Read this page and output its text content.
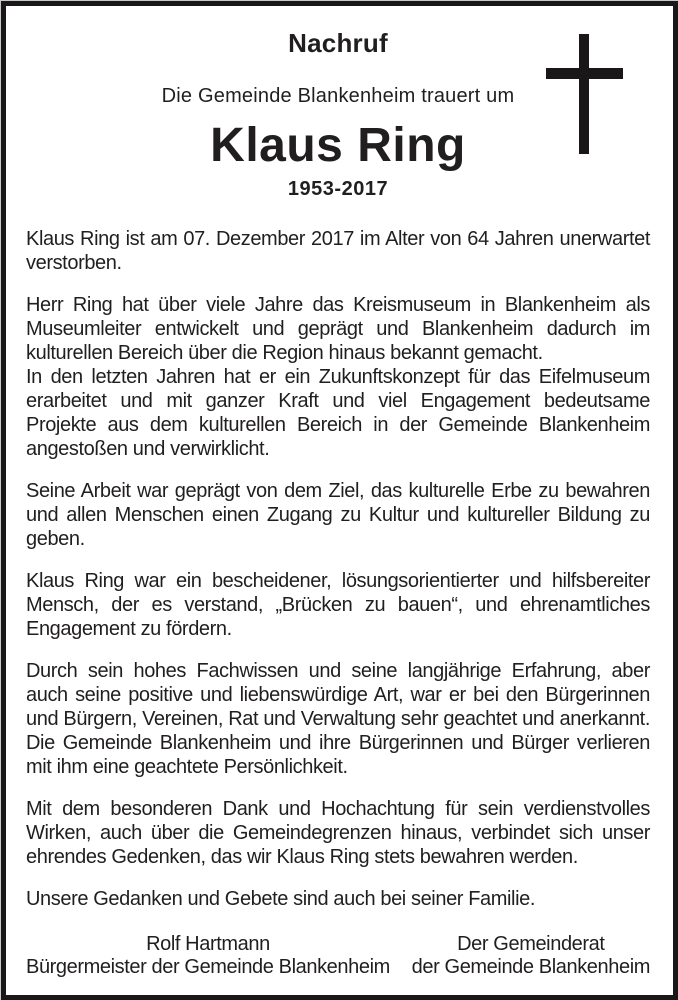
Nachruf
Die Gemeinde Blankenheim trauert um
Klaus Ring
1953-2017

Klaus Ring ist am 07. Dezember 2017 im Alter von 64 Jahren unerwartet verstorben.

Herr Ring hat über viele Jahre das Kreismuseum in Blankenheim als Museumleiter entwickelt und geprägt und Blankenheim dadurch im kulturellen Bereich über die Region hinaus bekannt gemacht.

In den letzten Jahren hat er ein Zukunftskonzept für das Eifelmuseum erarbeitet und mit ganzer Kraft und viel Engagement bedeutsame Projekte aus dem kulturellen Bereich in der Gemeinde Blankenheim angestoßen und verwirklicht.

Seine Arbeit war geprägt von dem Ziel, das kulturelle Erbe zu bewahren und allen Menschen einen Zugang zu Kultur und kultureller Bildung zu geben.

Klaus Ring war ein bescheidener, lösungsorientierter und hilfsbereiter Mensch, der es verstand, „Brücken zu bauen“, und ehrenamtliches Engagement zu fördern.

Durch sein hohes Fachwissen und seine langjährige Erfahrung, aber auch seine positive und liebenswürdige Art, war er bei den Bürgerinnen und Bürgern, Vereinen, Rat und Verwaltung sehr geachtet und anerkannt. Die Gemeinde Blankenheim und ihre Bürgerinnen und Bürger verlieren mit ihm eine geachtete Persönlichkeit.

Mit dem besonderen Dank und Hochachtung für sein verdienstvolles Wirken, auch über die Gemeindegrenzen hinaus, verbindet sich unser ehrendes Gedenken, das wir Klaus Ring stets bewahren werden.

Unsere Gedanken und Gebete sind auch bei seiner Familie.

Rolf Hartmann
Bürgermeister der Gemeinde Blankenheim
Der Gemeinderat
der Gemeinde Blankenheim
